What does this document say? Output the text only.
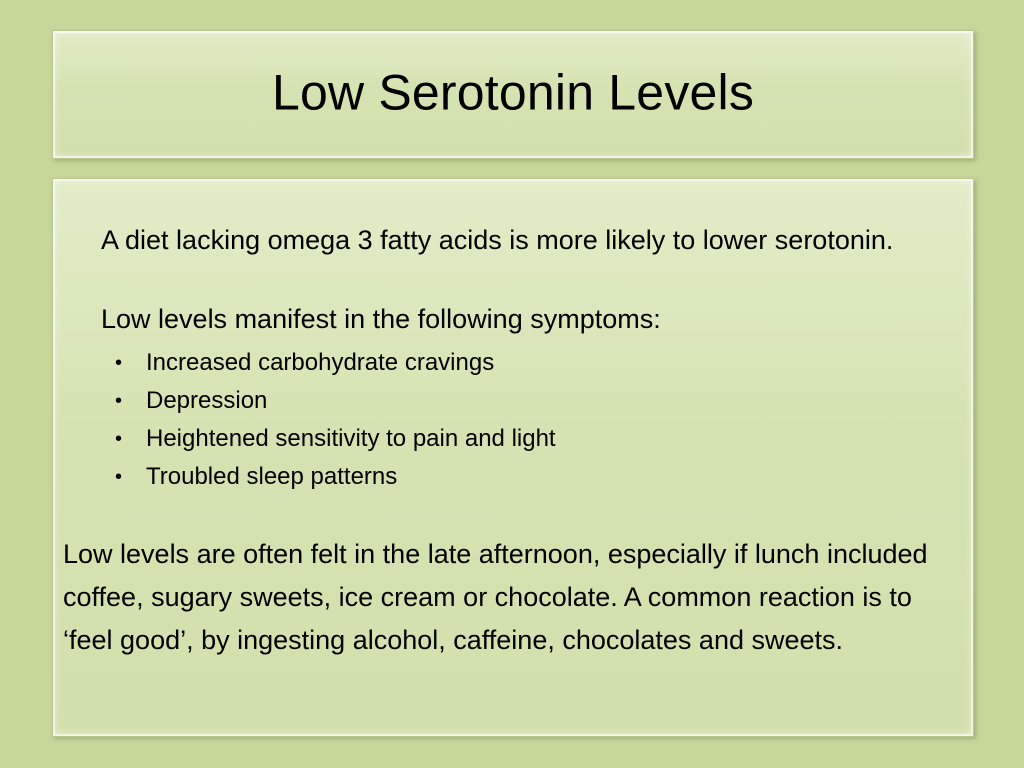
Low Serotonin Levels

A diet lacking omega 3 fatty acids is more likely to lower serotonin.

Low levels manifest in the following symptoms:

• Increased carbohydrate cravings
• Depression
• Heightened sensitivity to pain and light
• Troubled sleep patterns

Low levels are often felt in the late afternoon, especially if lunch included coffee, sugary sweets, ice cream or chocolate. A common reaction is to ‘feel good’, by ingesting alcohol, caffeine, chocolates and sweets.
